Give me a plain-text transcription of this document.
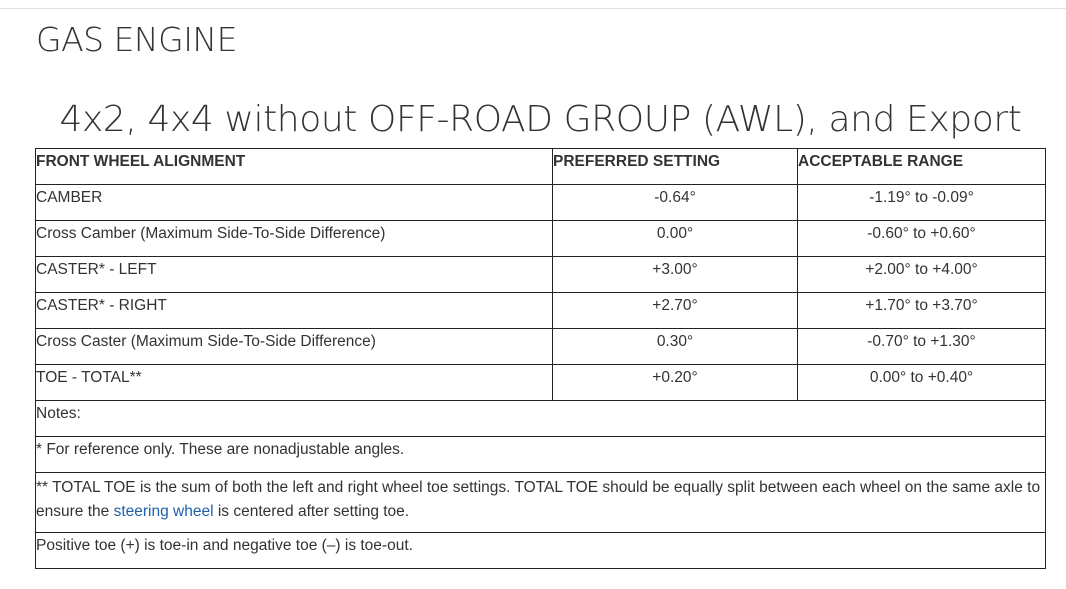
GAS ENGINE
4x2, 4x4 without OFF-ROAD GROUP (AWL), and Export
FRONT WHEEL ALIGNMENT	PREFERRED SETTING	ACCEPTABLE RANGE
CAMBER	-0.64°	-1.19° to -0.09°
Cross Camber (Maximum Side-To-Side Difference)	0.00°	-0.60° to +0.60°
CASTER* - LEFT	+3.00°	+2.00° to +4.00°
CASTER* - RIGHT	+2.70°	+1.70° to +3.70°
Cross Caster (Maximum Side-To-Side Difference)	0.30°	-0.70° to +1.30°
TOE - TOTAL**	+0.20°	0.00° to +0.40°
Notes:		
* For reference only. These are nonadjustable angles.		
** TOTAL TOE is the sum of both the left and right wheel toe settings. TOTAL TOE should be equally split between each wheel on the same axle to ensure the steering wheel is centered after setting toe.		
Positive toe (+) is toe-in and negative toe (–) is toe-out.		
